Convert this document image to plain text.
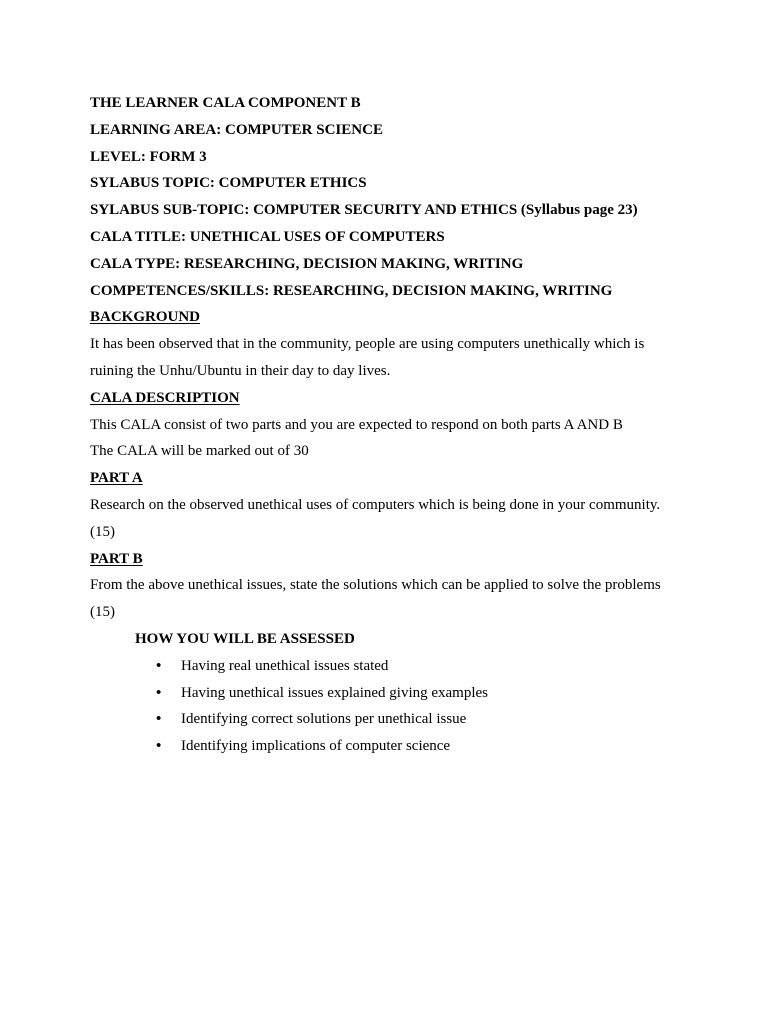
THE LEARNER CALA COMPONENT B

LEARNING AREA: COMPUTER SCIENCE

LEVEL: FORM 3

SYLABUS TOPIC: COMPUTER ETHICS

SYLABUS SUB-TOPIC: COMPUTER SECURITY AND ETHICS (Syllabus page 23)

CALA TITLE: UNETHICAL USES OF COMPUTERS

CALA TYPE: RESEARCHING, DECISION MAKING, WRITING

COMPETENCES/SKILLS: RESEARCHING, DECISION MAKING, WRITING

BACKGROUND

It has been observed that in the community, people are using computers unethically which is ruining the Unhu/Ubuntu in their day to day lives.

CALA DESCRIPTION

This CALA consist of two parts and you are expected to respond on both parts A AND B

The CALA will be marked out of 30

PART A

Research on the observed unethical uses of computers which is being done in your community.

(15)

PART B

From the above unethical issues, state the solutions which can be applied to solve the problems

(15)

HOW YOU WILL BE ASSESSED

• Having real unethical issues stated
• Having unethical issues explained giving examples
• Identifying correct solutions per unethical issue
• Identifying implications of computer science
